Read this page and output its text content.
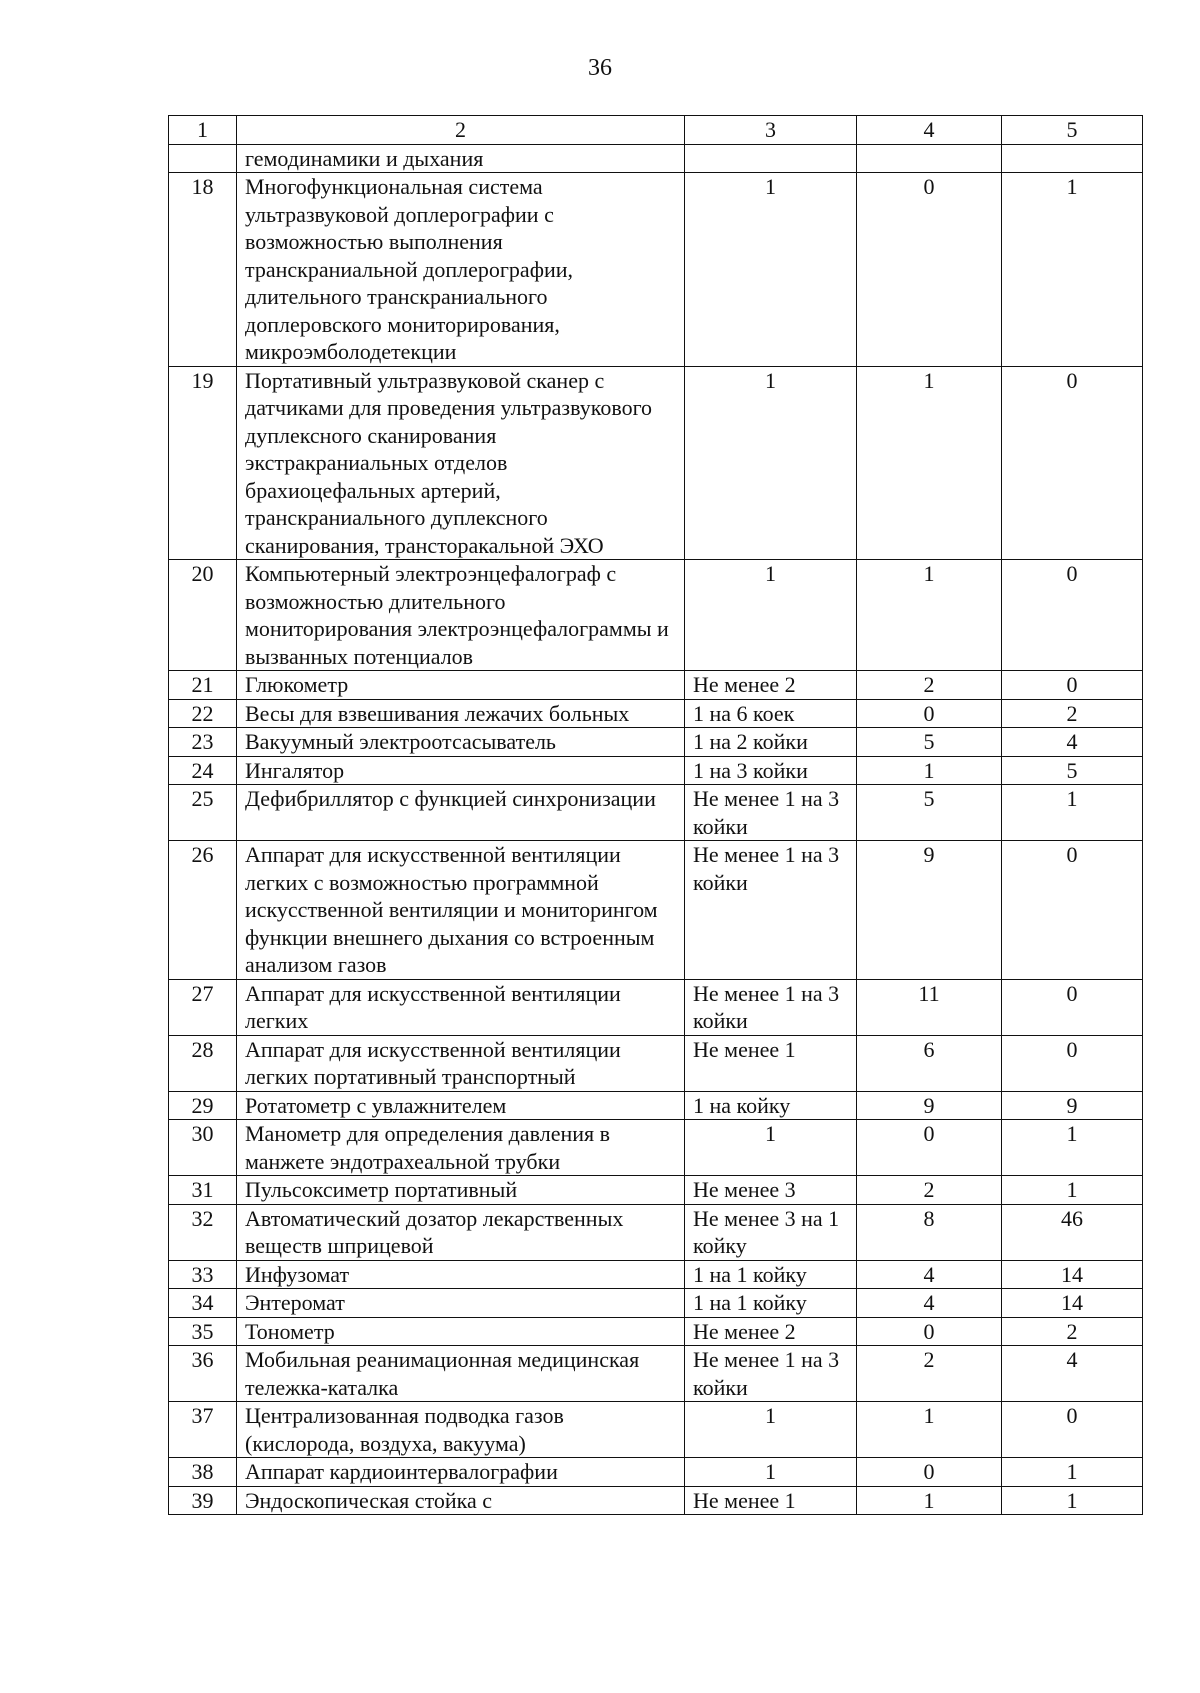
36
1	2	3	4	5
	гемодинамики и дыхания			
18	Многофункциональная система ультразвуковой доплерографии с возможностью выполнения транскраниальной доплерографии, длительного транскраниального доплеровского мониторирования, микроэмболодетекции	1	0	1
19	Портативный ультразвуковой сканер с датчиками для проведения ультразвукового дуплексного сканирования экстракраниальных отделов брахиоцефальных артерий, транскраниального дуплексного сканирования, трансторакальной ЭХО	1	1	0
20	Компьютерный электроэнцефалограф с возможностью длительного мониторирования электроэнцефалограммы и вызванных потенциалов	1	1	0
21	Глюкометр	Не менее 2	2	0
22	Весы для взвешивания лежачих больных	1 на 6 коек	0	2
23	Вакуумный электроотсасыватель	1 на 2 койки	5	4
24	Ингалятор	1 на 3 койки	1	5
25	Дефибриллятор с функцией синхронизации	Не менее 1 на 3 койки	5	1
26	Аппарат для искусственной вентиляции легких с возможностью программной искусственной вентиляции и мониторингом функции внешнего дыхания со встроенным анализом газов	Не менее 1 на 3 койки	9	0
27	Аппарат для искусственной вентиляции легких	Не менее 1 на 3 койки	11	0
28	Аппарат для искусственной вентиляции легких портативный транспортный	Не менее 1	6	0
29	Ротатометр с увлажнителем	1 на койку	9	9
30	Манометр для определения давления в манжете эндотрахеальной трубки	1	0	1
31	Пульсоксиметр портативный	Не менее 3	2	1
32	Автоматический дозатор лекарственных веществ шприцевой	Не менее 3 на 1 койку	8	46
33	Инфузомат	1 на 1 койку	4	14
34	Энтеромат	1 на 1 койку	4	14
35	Тонометр	Не менее 2	0	2
36	Мобильная реанимационная медицинская тележка-каталка	Не менее 1 на 3 койки	2	4
37	Централизованная подводка газов (кислорода, воздуха, вакуума)	1	1	0
38	Аппарат кардиоинтервалографии	1	0	1
39	Эндоскопическая стойка с	Не менее 1	1	1
